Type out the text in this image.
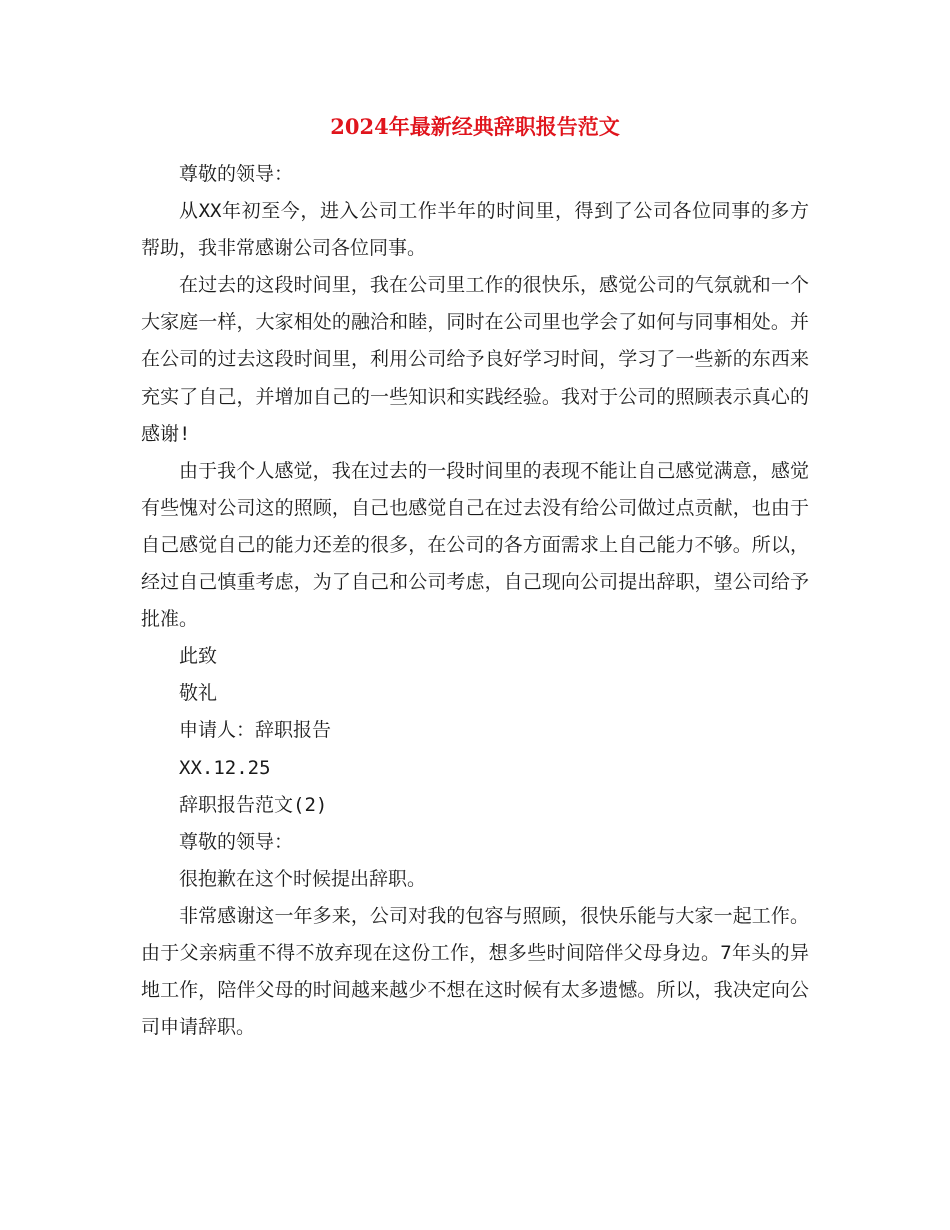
2024年最新经典辞职报告范文

尊敬的领导：

从XX年初至今，进入公司工作半年的时间里，得到了公司各位同事的多方帮助，我非常感谢公司各位同事。

在过去的这段时间里，我在公司里工作的很快乐，感觉公司的气氛就和一个大家庭一样，大家相处的融洽和睦，同时在公司里也学会了如何与同事相处。并在公司的过去这段时间里，利用公司给予良好学习时间，学习了一些新的东西来充实了自己，并增加自己的一些知识和实践经验。我对于公司的照顾表示真心的感谢!

由于我个人感觉，我在过去的一段时间里的表现不能让自己感觉满意，感觉有些愧对公司这的照顾，自己也感觉自己在过去没有给公司做过点贡献，也由于自己感觉自己的能力还差的很多，在公司的各方面需求上自己能力不够。所以，经过自己慎重考虑，为了自己和公司考虑，自己现向公司提出辞职，望公司给予批准。

此致

敬礼

申请人：辞职报告

XX.12.25

辞职报告范文(2)

尊敬的领导：

很抱歉在这个时候提出辞职。

非常感谢这一年多来，公司对我的包容与照顾，很快乐能与大家一起工作。由于父亲病重不得不放弃现在这份工作，想多些时间陪伴父母身边。7年头的异地工作，陪伴父母的时间越来越少不想在这时候有太多遗憾。所以，我决定向公司申请辞职。
